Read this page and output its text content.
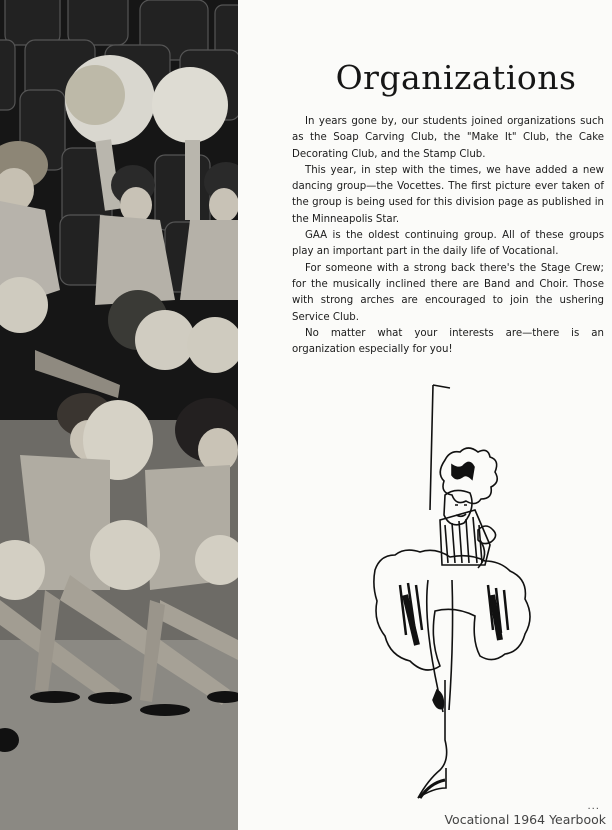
Organizations

In years gone by, our students joined organizations such as the Soap Carving Club, the "Make It" Club, the Cake Decorating Club, and the Stamp Club.

This year, in step with the times, we have added a new dancing group—the Vocettes. The first picture ever taken of the group is being used for this division page as published in the Minneapolis Star.

GAA is the oldest continuing group. All of these groups play an important part in the daily life of Vocational.

For someone with a strong back there's the Stage Crew; for the musically inclined there are Band and Choir. Those with strong arches are encouraged to join the ushering Service Club.

No matter what your interests are—there is an organization especially for you!

...
Vocational 1964 Yearbook
